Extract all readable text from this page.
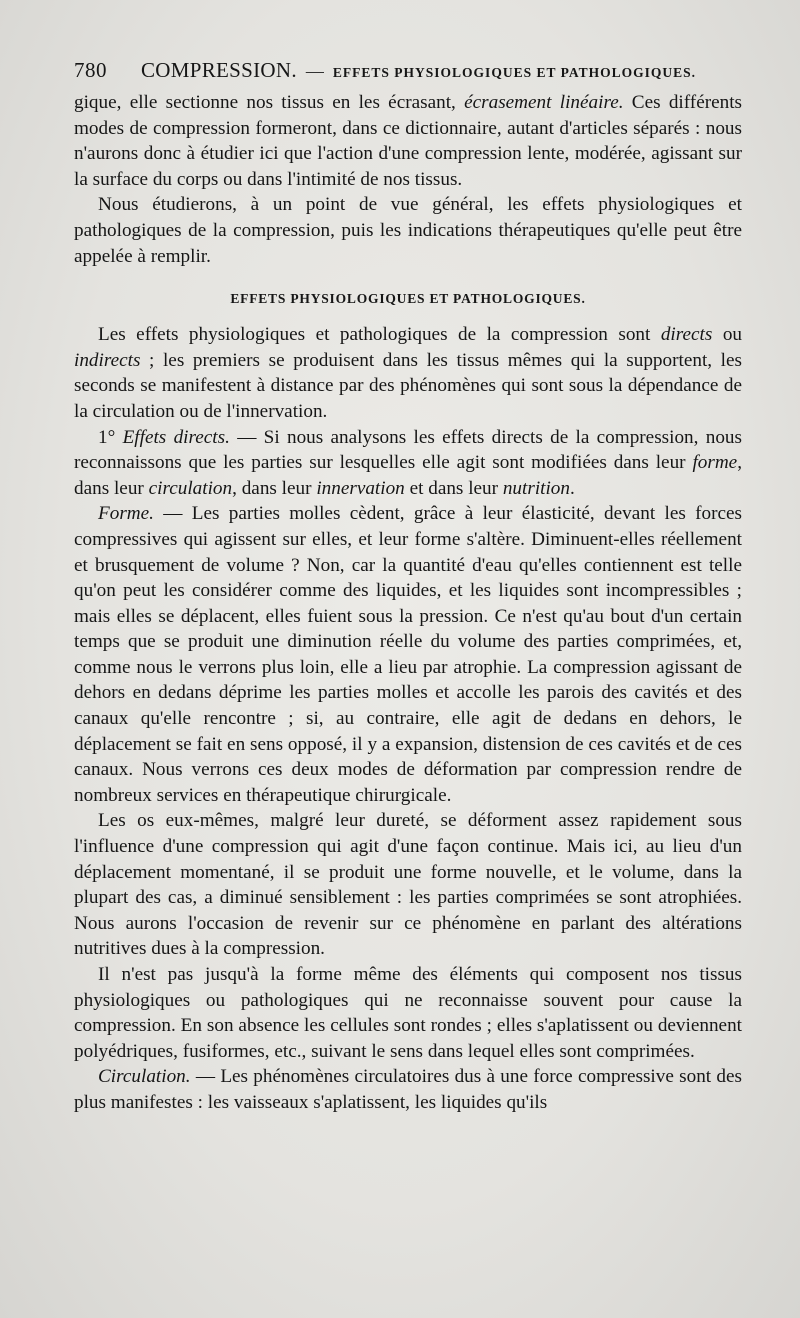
780 COMPRESSION. — EFFETS PHYSIOLOGIQUES ET PATHOLOGIQUES.

gique, elle sectionne nos tissus en les écrasant, écrasement linéaire. Ces différents modes de compression formeront, dans ce dictionnaire, autant d'articles séparés : nous n'aurons donc à étudier ici que l'action d'une compression lente, modérée, agissant sur la surface du corps ou dans l'intimité de nos tissus.

Nous étudierons, à un point de vue général, les effets physiologiques et pathologiques de la compression, puis les indications thérapeutiques qu'elle peut être appelée à remplir.

EFFETS PHYSIOLOGIQUES ET PATHOLOGIQUES.

Les effets physiologiques et pathologiques de la compression sont directs ou indirects ; les premiers se produisent dans les tissus mêmes qui la supportent, les seconds se manifestent à distance par des phénomènes qui sont sous la dépendance de la circulation ou de l'innervation.

1° Effets directs. — Si nous analysons les effets directs de la compression, nous reconnaissons que les parties sur lesquelles elle agit sont modifiées dans leur forme, dans leur circulation, dans leur innervation et dans leur nutrition.

Forme. — Les parties molles cèdent, grâce à leur élasticité, devant les forces compressives qui agissent sur elles, et leur forme s'altère. Diminuent-elles réellement et brusquement de volume ? Non, car la quantité d'eau qu'elles contiennent est telle qu'on peut les considérer comme des liquides, et les liquides sont incompressibles ; mais elles se déplacent, elles fuient sous la pression. Ce n'est qu'au bout d'un certain temps que se produit une diminution réelle du volume des parties comprimées, et, comme nous le verrons plus loin, elle a lieu par atrophie. La compression agissant de dehors en dedans déprime les parties molles et accolle les parois des cavités et des canaux qu'elle rencontre ; si, au contraire, elle agit de dedans en dehors, le déplacement se fait en sens opposé, il y a expansion, distension de ces cavités et de ces canaux. Nous verrons ces deux modes de déformation par compression rendre de nombreux services en thérapeutique chirurgicale.

Les os eux-mêmes, malgré leur dureté, se déforment assez rapidement sous l'influence d'une compression qui agit d'une façon continue. Mais ici, au lieu d'un déplacement momentané, il se produit une forme nouvelle, et le volume, dans la plupart des cas, a diminué sensiblement : les parties comprimées se sont atrophiées. Nous aurons l'occasion de revenir sur ce phénomène en parlant des altérations nutritives dues à la compression.

Il n'est pas jusqu'à la forme même des éléments qui composent nos tissus physiologiques ou pathologiques qui ne reconnaisse souvent pour cause la compression. En son absence les cellules sont rondes ; elles s'aplatissent ou deviennent polyédriques, fusiformes, etc., suivant le sens dans lequel elles sont comprimées.

Circulation. — Les phénomènes circulatoires dus à une force compressive sont des plus manifestes : les vaisseaux s'aplatissent, les liquides qu'ils
